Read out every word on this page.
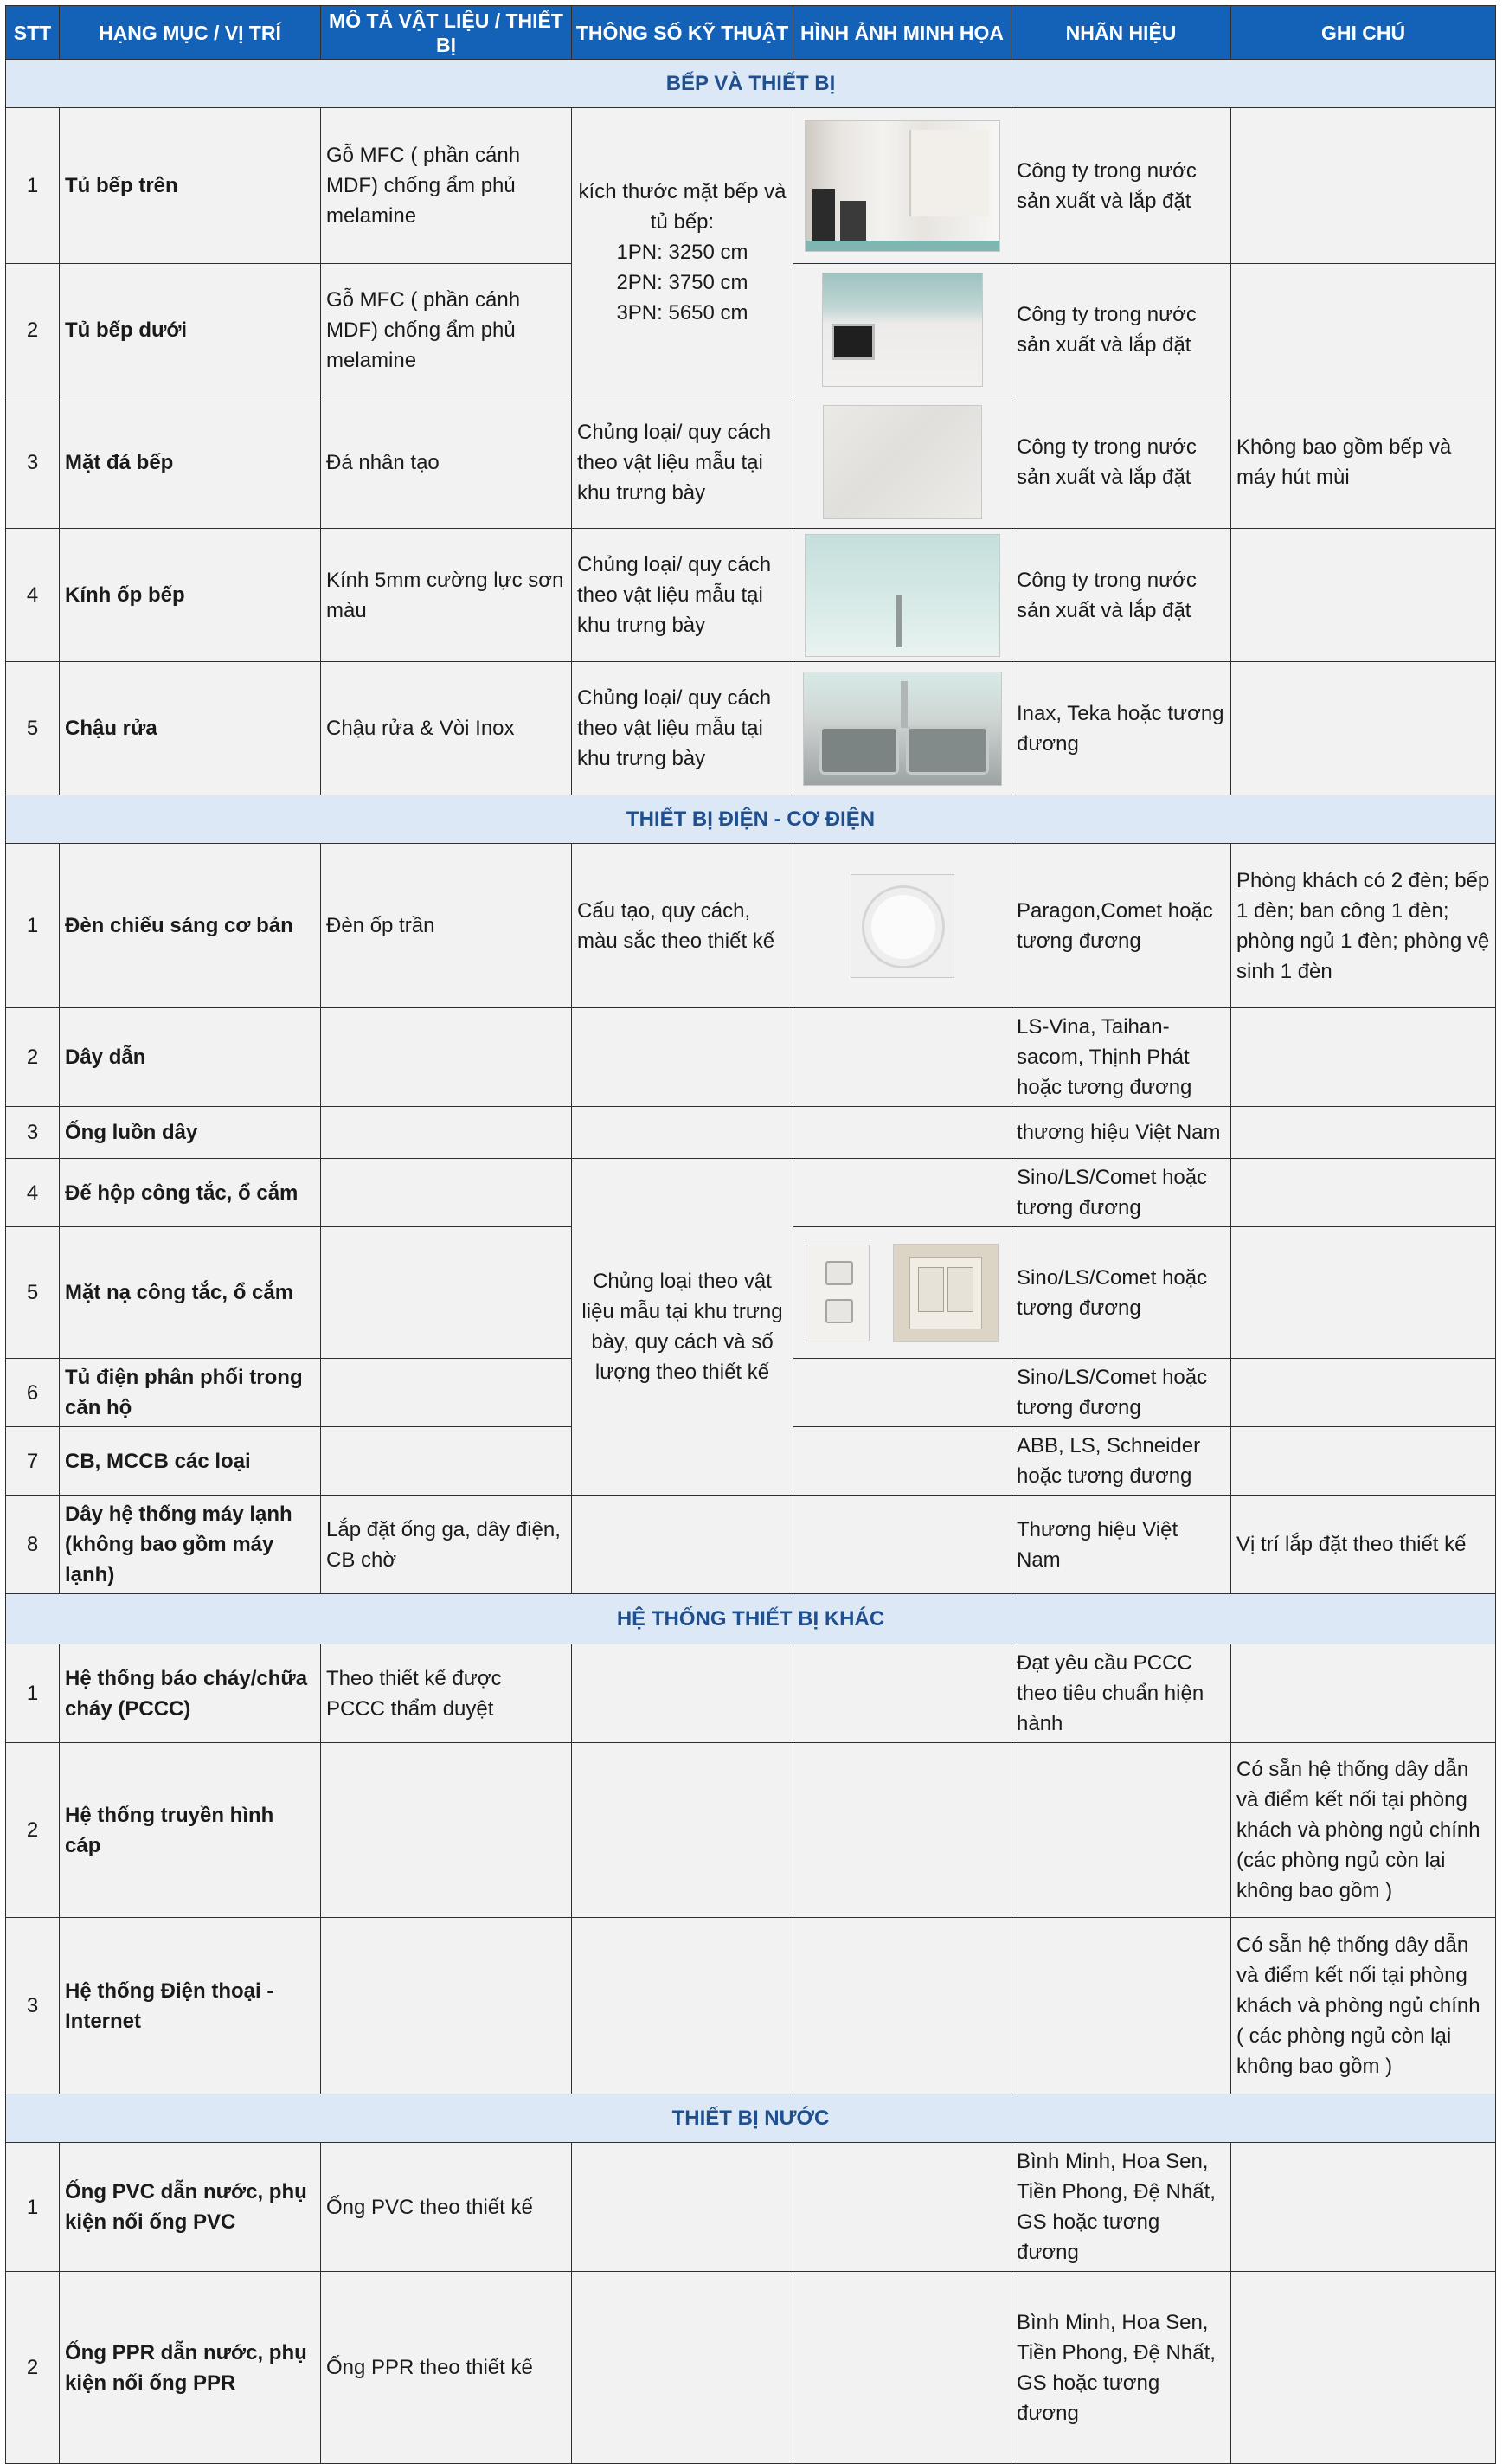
STT	HẠNG MỤC / VỊ TRÍ	MÔ TẢ VẬT LIỆU / THIẾT BỊ	THÔNG SỐ KỸ THUẬT	HÌNH ẢNH MINH HỌA	NHÃN HIỆU	GHI CHÚ
BẾP VÀ THIẾT BỊ						
1	Tủ bếp trên	Gỗ MFC ( phần cánh MDF) chống ẩm phủ melamine	kích thước mặt bếp và tủ bếp:
1PN: 3250 cm
2PN: 3750 cm
3PN: 5650 cm		Công ty trong nước sản xuất và lắp đặt	
2	Tủ bếp dưới	Gỗ MFC ( phần cánh MDF) chống ẩm phủ melamine			Công ty trong nước sản xuất và lắp đặt	
3	Mặt đá bếp	Đá nhân tạo	Chủng loại/ quy cách theo vật liệu mẫu tại khu trưng bày		Công ty trong nước sản xuất và lắp đặt	Không bao gồm bếp và máy hút mùi
4	Kính ốp bếp	Kính 5mm cường lực sơn màu	Chủng loại/ quy cách theo vật liệu mẫu tại khu trưng bày		Công ty trong nước sản xuất và lắp đặt	
5	Chậu rửa	Chậu rửa & Vòi Inox	Chủng loại/ quy cách theo vật liệu mẫu tại khu trưng bày		Inax, Teka hoặc tương đương	
THIẾT BỊ ĐIỆN - CƠ ĐIỆN						
1	Đèn chiếu sáng cơ bản	Đèn ốp trần	Cấu tạo, quy cách, màu sắc theo thiết kế		Paragon,Comet hoặc tương đương	Phòng khách có 2 đèn; bếp 1 đèn; ban công 1 đèn; phòng ngủ 1 đèn; phòng vệ sinh 1 đèn
2	Dây dẫn				LS-Vina, Taihan-sacom, Thịnh Phát hoặc tương đương	
3	Ống luồn dây				thương hiệu Việt Nam	
4	Đế hộp công tắc, ổ cắm		Chủng loại theo vật liệu mẫu tại khu trưng bày, quy cách và số lượng theo thiết kế		Sino/LS/Comet hoặc tương đương	
5	Mặt nạ công tắc, ổ cắm				Sino/LS/Comet hoặc tương đương	
6	Tủ điện phân phối trong căn hộ				Sino/LS/Comet hoặc tương đương	
7	CB, MCCB các loại				ABB, LS, Schneider hoặc tương đương	
8	Dây hệ thống máy lạnh (không bao gồm máy lạnh)	Lắp đặt ống ga, dây điện, CB chờ			Thương hiệu Việt Nam	Vị trí lắp đặt theo thiết kế
HỆ THỐNG THIẾT BỊ KHÁC						
1	Hệ thống báo cháy/chữa cháy (PCCC)	Theo thiết kế được PCCC thẩm duyệt			Đạt yêu cầu PCCC theo tiêu chuẩn hiện hành	
2	Hệ thống truyền hình cáp					Có sẵn hệ thống dây dẫn và điểm kết nối tại phòng khách và phòng ngủ chính (các phòng ngủ còn lại không bao gồm )
3	Hệ thống Điện thoại - Internet					Có sẵn hệ thống dây dẫn và điểm kết nối tại phòng khách và phòng ngủ chính ( các phòng ngủ còn lại không bao gồm )
THIẾT BỊ NƯỚC						
1	Ống PVC dẫn nước, phụ kiện nối ống PVC	Ống PVC theo thiết kế			Bình Minh, Hoa Sen, Tiền Phong, Đệ Nhất, GS hoặc tương đương	
2	Ống PPR dẫn nước, phụ kiện nối ống PPR	Ống PPR theo thiết kế			Bình Minh, Hoa Sen, Tiền Phong, Đệ Nhất, GS hoặc tương đương	
